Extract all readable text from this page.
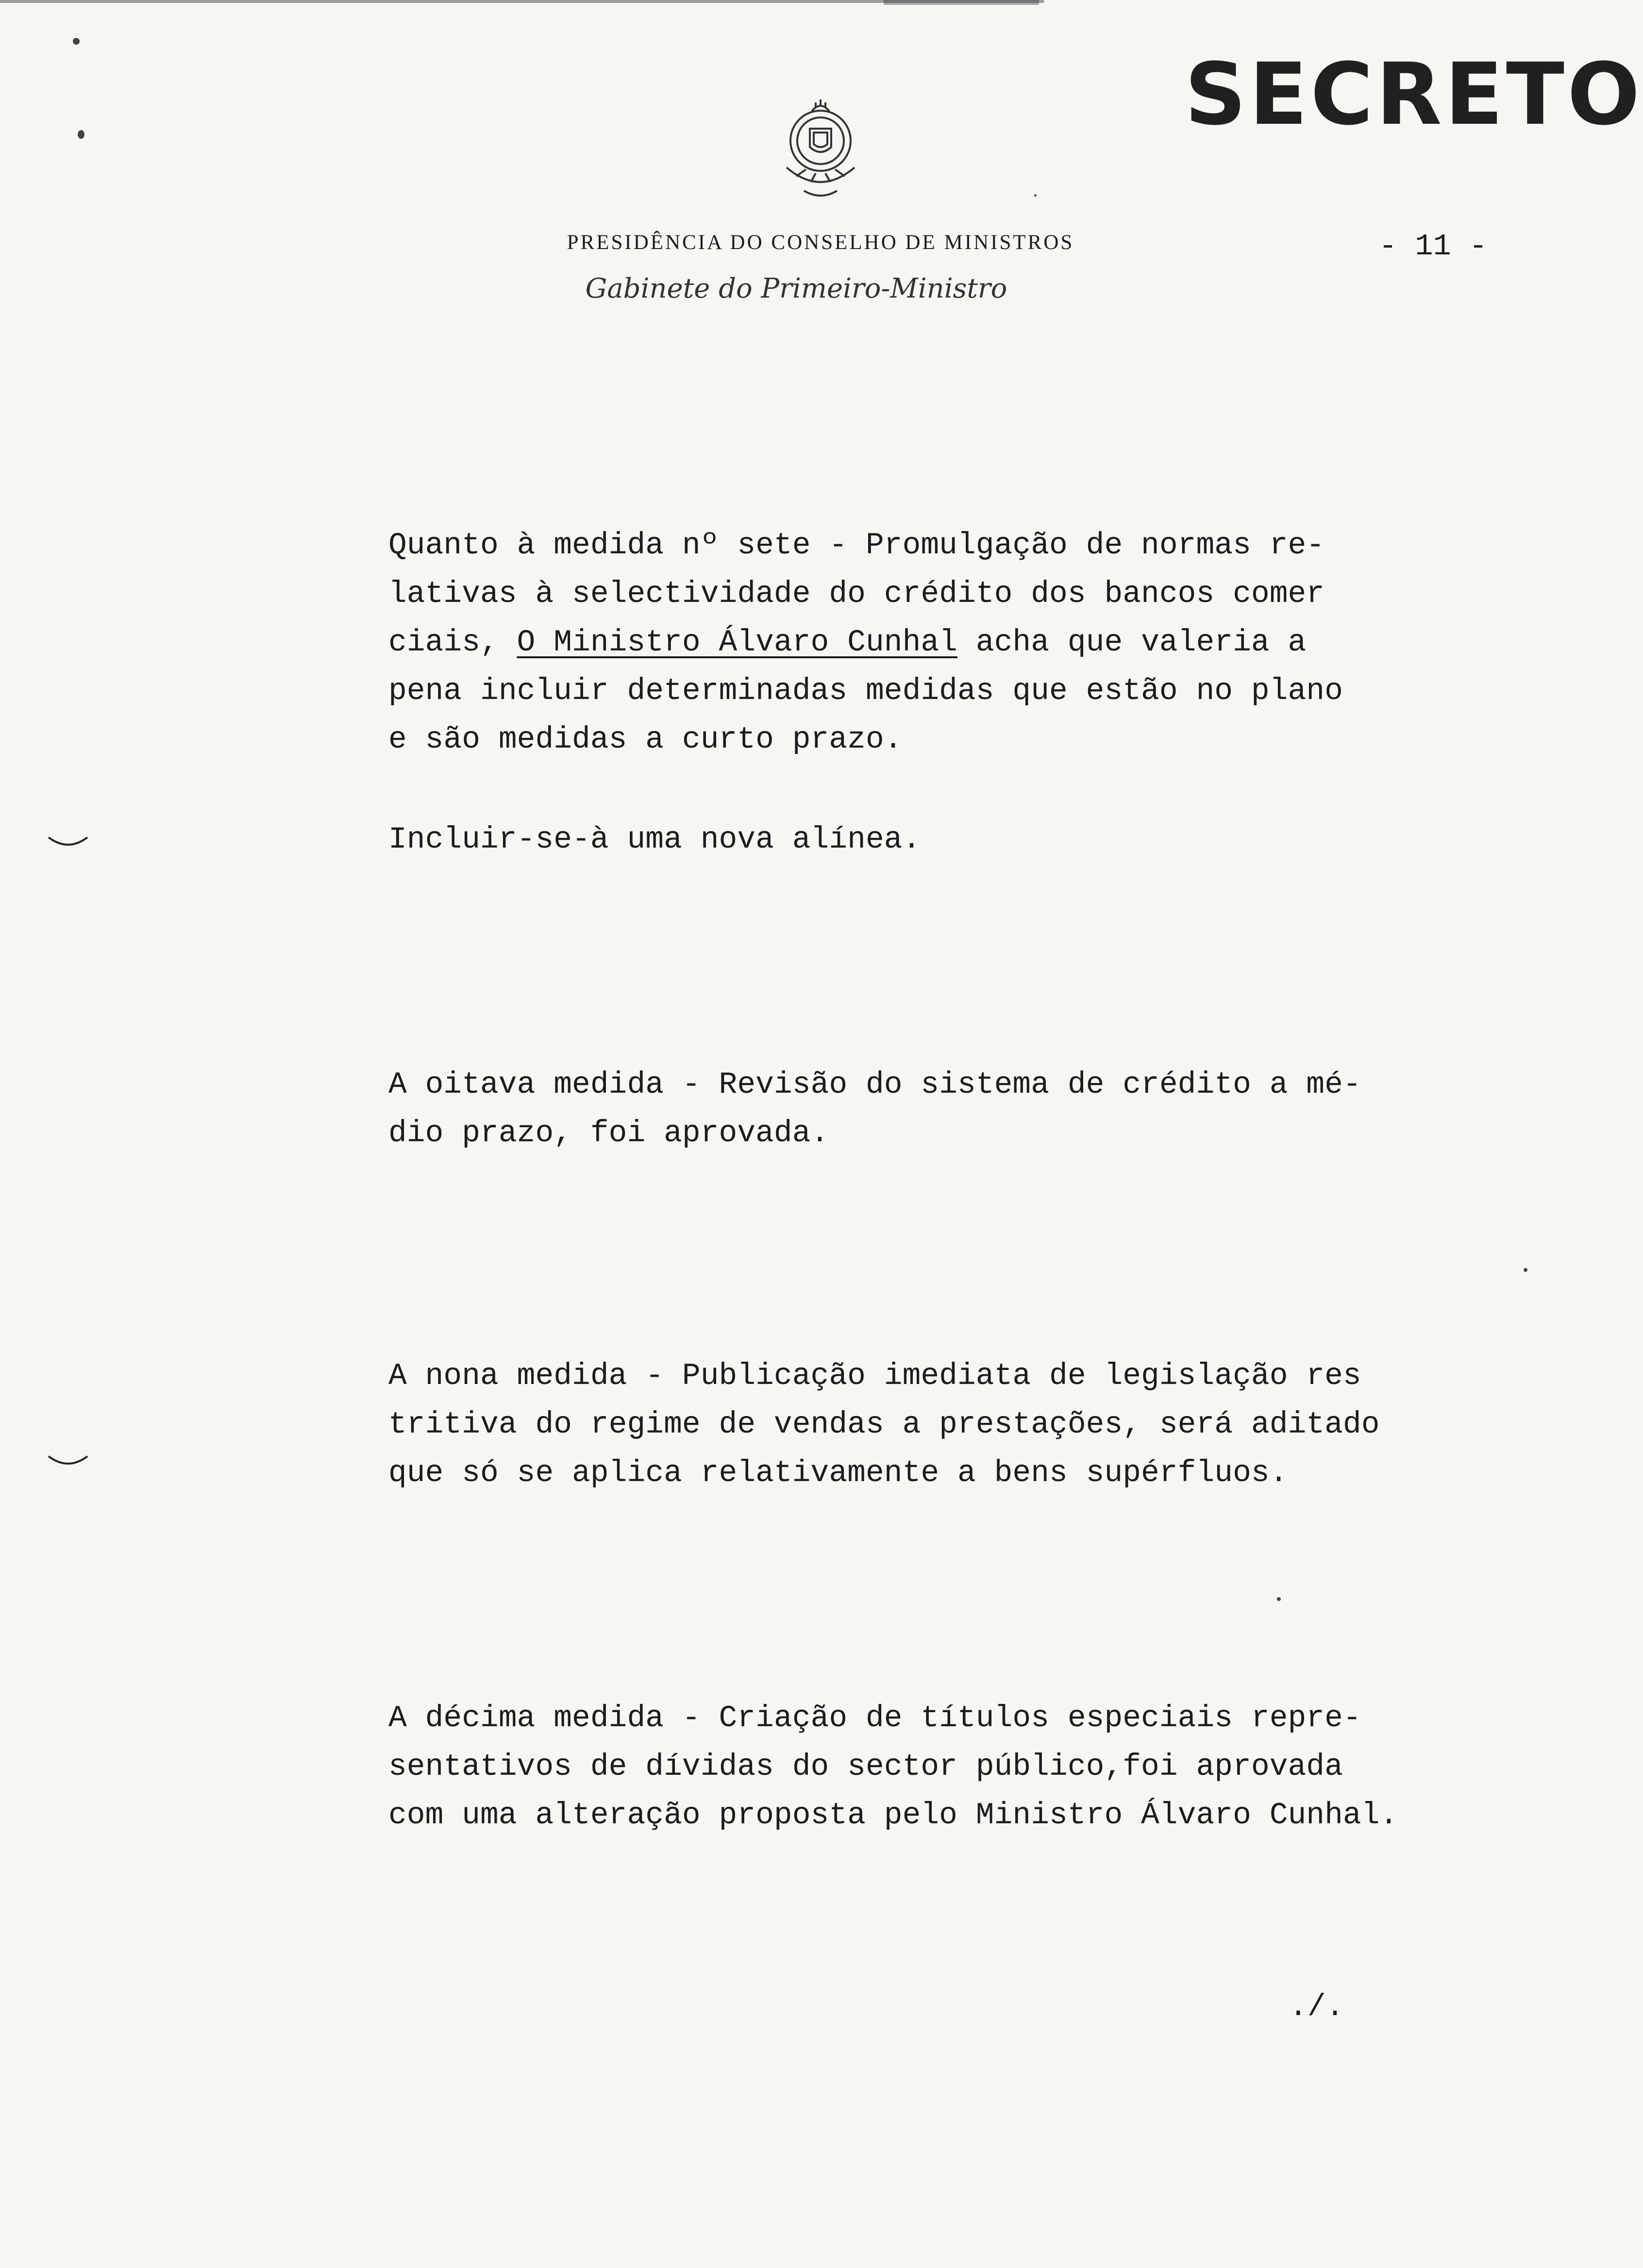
SECRETO
PRESIDÊNCIA DO CONSELHO DE MINISTROS
Gabinete do Primeiro-Ministro
- 11 -
Quanto à medida nº sete - Promulgação de normas re-
lativas à selectividade do crédito dos bancos comer
ciais, O Ministro Álvaro Cunhal acha que valeria a
pena incluir determinadas medidas que estão no plano
e são medidas a curto prazo.
Incluir-se-à uma nova alínea.
A oitava medida - Revisão do sistema de crédito a mé-
dio prazo, foi aprovada.
A nona medida - Publicação imediata de legislação res
tritiva do regime de vendas a prestações, será aditado
que só se aplica relativamente a bens supérfluos.
A décima medida - Criação de títulos especiais repre-
sentativos de dívidas do sector público,foi aprovada
com uma alteração proposta pelo Ministro Álvaro Cunhal.
./.
